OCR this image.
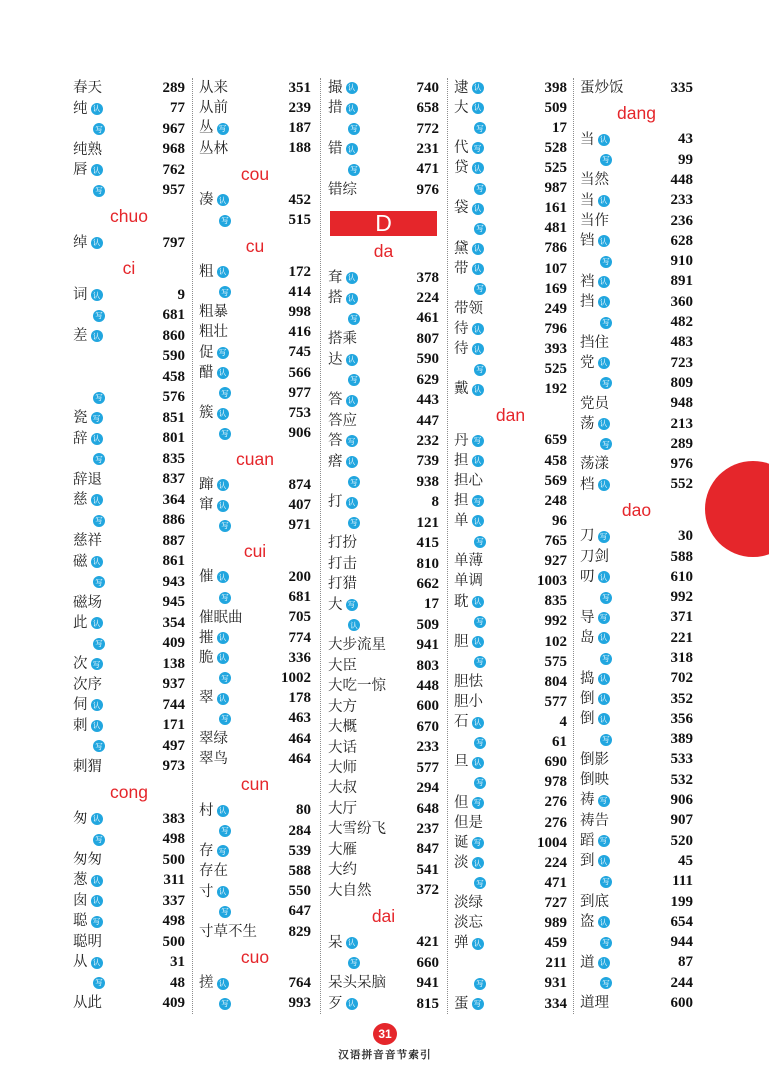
春天	289
纯 认	77
写	967
纯熟	968
唇 认	762
写	957
chuo
绰 认	797
ci
词 认	9
写	681
差 认	860
590
458
写	576
瓷 写	851
辞 认	801
写	835
辞退	837
慈 认	364
写	886
慈祥	887
磁 认	861
写	943
磁场	945
此 认	354
写	409
次 写	138
次序	937
伺 认	744
刺 认	171
写	497
刺猬	973
cong
匆 认	383
写	498
匆匆	500
葱 认	311
囱 认	337
聪 写	498
聪明	500
从 认	31
写	48
从此	409
从来	351
从前	239
丛 写	187
丛林	188
cou
凑 认	452
写	515
cu
粗 认	172
写	414
粗暴	998
粗壮	416
促 写	745
醋 认	566
写	977
簇 认	753
写	906
cuan
蹿 认	874
窜 认	407
写	971
cui
催 认	200
写	681
催眠曲	705
摧 认	774
脆 认	336
写	1002
翠 认	178
写	463
翠绿	464
翠鸟	464
cun
村 认	80
写	284
存 写	539
存在	588
寸 认	550
写	647
寸草不生 829
cuo
搓 认	764
写	993
撮 认	740
措 认	658
写	772
错 认	231
写	471
错综	976
D
da
耷 认	378
搭 认	224
写	461
搭乘	807
达 认	590
写	629
答 认	443
答应	447
答 写	232
瘩 认	739
写	938
打 认	8
写	121
打扮	415
打击	810
打猎	662
大 写	17
认	509
大步流星 941
大臣	803
大吃一惊 448
大方	600
大概	670
大话	233
大师	577
大叔	294
大厅	648
大雪纷飞 237
大雁	847
大约	541
大自然	372
dai
呆 认	421
写	660
呆头呆脑 941
歹 认	815
逮 认	398
大 认	509
写	17
代 写	528
贷 认	525
写	987
袋 认	161
写	481
黛 认	786
带 认	107
写	169
带领	249
待 认	796
待 认	393
写	525
戴 认	192
dan
丹 写	659
担 认	458
担心	569
担 写	248
单 认	96
写	765
单薄	927
单调	1003
耽 认	835
写	992
胆 认	102
写	575
胆怯	804
胆小	577
石 认	4
写	61
旦 认	690
写	978
但 写	276
但是	276
诞 写	1004
淡 认	224
写	471
淡绿	727
淡忘	989
弹 认	459
211
写	931
蛋 写	334
蛋炒饭	335
dang
当 认	43
写	99
当然	448
当 认	233
当作	236
铛 认	628
写	910
裆 认	891
挡 认	360
写	482
挡住	483
党 认	723
写	809
党员	948
荡 认	213
写	289
荡漾	976
档 认	552
dao
刀 写	30
刀剑	588
叨 认	610
写	992
导 写	371
岛 认	221
写	318
捣 认	702
倒 认	352
倒 认	356
写	389
倒影	533
倒映	532
祷 写	906
祷告	907
蹈 写	520
到 认	45
写	111
到底	199
盗 认	654
写	944
道 认	87
写	244
道理	600
31
汉语拼音音节索引
